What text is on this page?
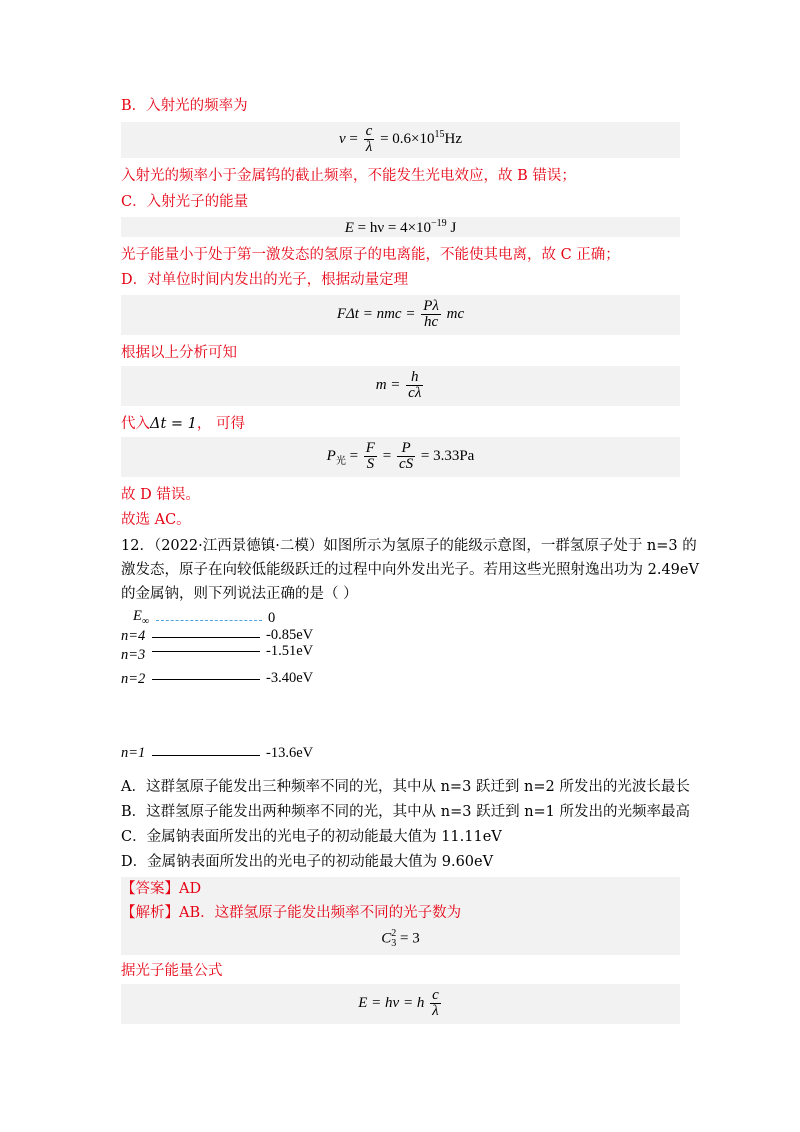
B．入射光的频率为
$\nu = \frac{c}{\lambda} = 0.6\times 10^{15}Hz$
入射光的频率小于金属钨的截止频率，不能发生光电效应，故 B 错误；
C．入射光子的能量
$E = h\nu = 4\times 10^{-19}$ J
光子能量小于处于第一激发态的氢原子的电离能，不能使其电离，故 C 正确；
D．对单位时间内发出的光子，根据动量定理
FΔt = nmc = $\frac{P\lambda}{hc}$ mc
根据以上分析可知
$m = \frac{h}{c\lambda}$
代入Δt = 1， 可得
$P_光 = \frac{F}{S} = \frac{P}{cS} = 3.33Pa$
故 D 错误。
故选 AC。
12．（2022·江西景德镇·二模）如图所示为氢原子的能级示意图，一群氢原子处于 n=3 的
激发态，原子在向较低能级跃迁的过程中向外发出光子。若用这些光照射逸出功为 2.49eV
的金属钠，则下列说法正确的是（ ）
$E_\infty$	0
n=4	-0.85eV
n=3	-1.51eV
n=2	-3.40eV
n=1	-13.6eV
A．这群氢原子能发出三种频率不同的光，其中从 n=3 跃迁到 n=2 所发出的光波长最长
B．这群氢原子能发出两种频率不同的光，其中从 n=3 跃迁到 n=1 所发出的光频率最高
C．金属钠表面所发出的光电子的初动能最大值为 11.11eV
D．金属钠表面所发出的光电子的初动能最大值为 9.60eV
【答案】AD
C 2
3 = 3
【解析】AB．这群氢原子能发出频率不同的光子数为
据光子能量公式
E = hν = h $\frac{c}{\lambda}$
